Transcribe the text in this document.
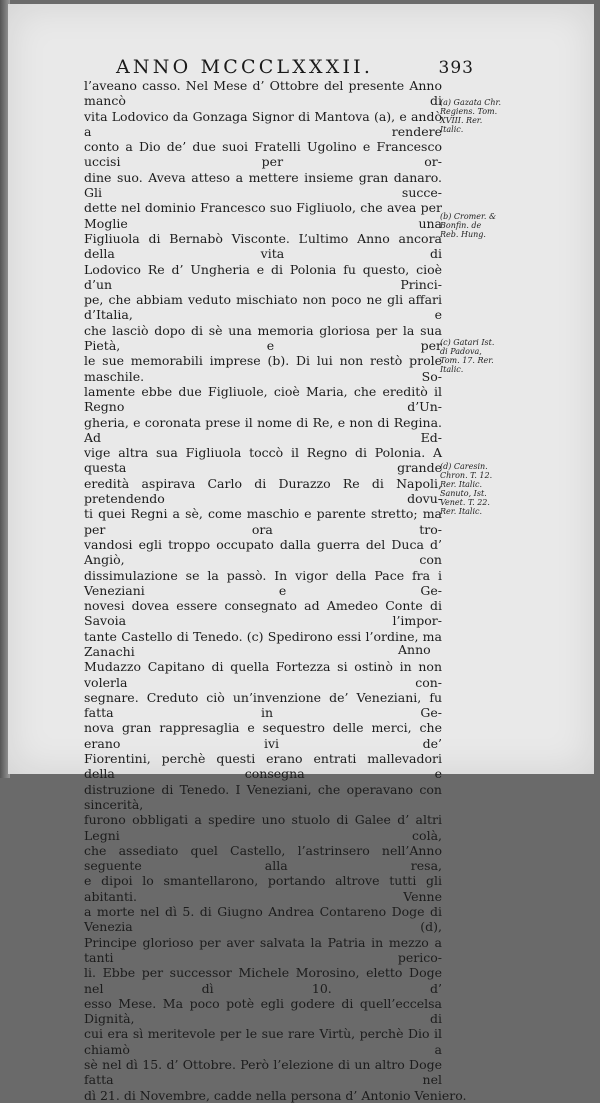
ANNO MCCCLXXXII.	393
l’aveano casso. Nel Mese d’ Ottobre del presente Anno mancò di
vita Lodovico da Gonzaga Signor di Mantova (a), e andò a rendere
conto a Dio de’ due suoi Fratelli Ugolino e Francesco uccisi per or-
dine suo. Aveva atteso a mettere insieme gran danaro. Gli succe-
dette nel dominio Francesco suo Figliuolo, che avea per Moglie una
Figliuola di Bernabò Visconte. L’ultimo Anno ancora della vita di
Lodovico Re d’ Ungheria e di Polonia fu questo, cioè d’un Princi-
pe, che abbiam veduto mischiato non poco ne gli affari d’Italia, e
che lasciò dopo di sè una memoria gloriosa per la sua Pietà, e per
le sue memorabili imprese (b). Di lui non restò prole maschile. So-
lamente ebbe due Figliuole, cioè Maria, che ereditò il Regno d’Un-
gheria, e coronata prese il nome di Re, e non di Regina. Ad Ed-
vige altra sua Figliuola toccò il Regno di Polonia. A questa grande
eredità aspirava Carlo di Durazzo Re di Napoli, pretendendo dovu-
ti quei Regni a sè, come maschio e parente stretto; ma per ora tro-
vandosi egli troppo occupato dalla guerra del Duca d’ Angiò, con
dissimulazione se la passò. In vigor della Pace fra i Veneziani e Ge-
novesi dovea essere consegnato ad Amedeo Conte di Savoia l’impor-
tante Castello di Tenedo. (c) Spedirono essi l’ordine, ma Zanachi
Mudazzo Capitano di quella Fortezza si ostinò in non volerla con-
segnare. Credutо ciò un’invenzione de’ Veneziani, fu fatta in Ge-
nova gran rappresaglia e sequestro delle merci, che erano ivi de’
Fiorentini, perchè questi erano entrati mallevadori della consegna e
distruzione di Tenedo. I Veneziani, che operavano con sincerità,
furono obbligati a spedire uno stuolo di Galee d’ altri Legni colà,
che assediato quel Castello, l’astrinsero nell’Anno seguente alla resa,
e dipoi lo smantellarono, portando altrove tutti gli abitanti. Venne
a morte nel dì 5. di Giugno Andrea Contareno Doge di Venezia (d),
Principe glorioso per aver salvata la Patria in mezzo a tanti perico-
li. Ebbe per successor Michele Morosino, eletto Doge nel dì 10. d’
esso Mese. Ma poco potè egli godere di quell’eccelsa Dignità, di
cui era sì meritevole per le sue rare Virtù, perchè Dio il chiamò a
sè nel dì 15. d’ Ottobre. Però l’elezione di un altro Doge fatta nel
dì 21. di Novembre, cadde nella persona d’ Antonio Veniero.
(a) Gazata Chr. Regiens. Tom. XVIII. Rer. Italic.
(b) Cromer. & Bonfin. de Reb. Hung.
(c) Gatari Ist. di Padova, Tom. 17. Rer. Italic.
(d) Caresin. Chron. T. 12. Rer. Italic. Sanuto, Ist. Venet. T. 22. Rer. Italic.
Anno
